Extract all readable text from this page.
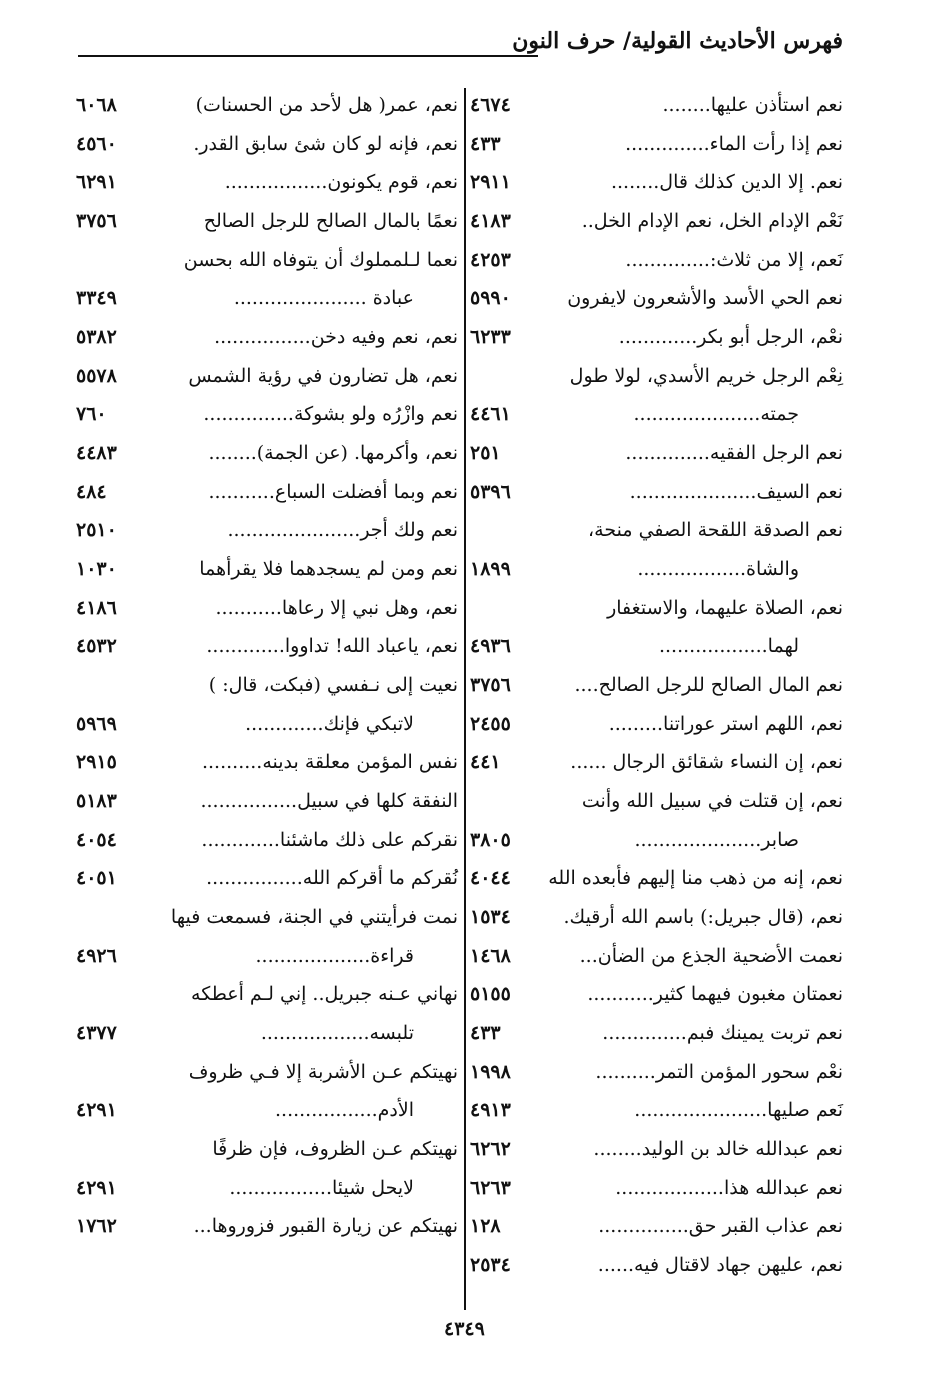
فهرس الأحاديث القولية/ حرف النون
نعم استأذن عليها........
٤٦٧٤
نعم إذا رأت الماء..............
٤٣٣
نعم. إلا الدين كذلك قال........
٢٩١١
نَعْم الإدام الخل، نعم الإدام الخل..
٤١٨٣
نَعم، إلا من ثلاث:..............
٤٢٥٣
نعم الحي الأسد والأشعرون لايفرون
٥٩٩٠
نعْم، الرجل أبو بكر.............
٦٢٣٣
نِعْم الرجل خريم الأسدي، لولا طول
جمته.....................
٤٤٦١
نعم الرجل الفقيه..............
٢٥١
نعم السيف.....................
٥٣٩٦
نعم الصدقة اللقحة الصفي منحة،
والشاة..................
١٨٩٩
نعم، الصلاة عليهما، والاستغفار
لهما..................
٤٩٣٦
نعم المال الصالح للرجل الصالح....
٣٧٥٦
نعم، اللهم استر عوراتنا.........
٢٤٥٥
نعم، إن النساء شقائق الرجال ......
٤٤١
نعم، إن قتلت في سبيل الله وأنت
صابر.....................
٣٨٠٥
نعم، إنه من ذهب منا إليهم فأبعده الله
٤٠٤٤
نعم، (قال جبريل:) باسم الله أرقيك.
١٥٣٤
نعمت الأضحية الجذع من الضأن...
١٤٦٨
نعمتان مغبون فيهما كثير...........
٥١٥٥
نعم تربت يمينك فبم..............
٤٣٣
نعْم سحور المؤمن التمر..........
١٩٩٨
نَعم صليها......................
٤٩١٣
نعم عبدالله خالد بن الوليد........
٦٢٦٢
نعم عبدالله هذا..................
٦٢٦٣
نعم عذاب القبر حق...............
١٢٨
نعم، عليهن جهاد لاقتال فيه......
٢٥٣٤
نعم، عمر( هل لأحد من الحسنات)
٦٠٦٨
نعم، فإنه لو كان شئ سابق القدر.
٤٥٦٠
نعم، قوم يكونون.................
٦٢٩١
نعمًا بالمال الصالح للرجل الصالح
٣٧٥٦
نعما لـلمملوك أن يتوفاه الله بحسن
عبادة ......................
٣٣٤٩
نعم، نعم وفيه دخن................
٥٣٨٢
نعم، هل تضارون في رؤية الشمس
٥٥٧٨
نعم وازْرُه ولو بشوكة...............
٧٦٠
نعم، وأكرمها. (عن الجمة)........
٤٤٨٣
نعم وبما أفضلت السباع...........
٤٨٤
نعم ولك أجر......................
٢٥١٠
نعم ومن لم يسجدهما فلا يقرأهما
١٠٣٠
نعم، وهل نبي إلا رعاها...........
٤١٨٦
نعم، ياعباد الله! تداووا.............
٤٥٣٢
نعيت إلى نـفسي (فبكت، قال: )
لاتبكي فإنك.............
٥٩٦٩
نفس المؤمن معلقة بدينه..........
٢٩١٥
النفقة كلها في سبيل................
٥١٨٣
نقركم على ذلك ماشئنا.............
٤٠٥٤
نُقركم ما أقركم الله................
٤٠٥١
نمت فرأيتني في الجنة، فسمعت فيها
قراءة...................
٤٩٢٦
نهاني عـنه جبريل.. إني لـم أعطكه
تلبسه..................
٤٣٧٧
نهيتكم عـن الأشربة إلا فـي ظروف
الأدم.................
٤٢٩١
نهيتكم عـن الظروف، فإن ظرفًا
لايحل شيئا.................
٤٢٩١
نهيتكم عن زيارة القبور فزوروها...
١٧٦٢
٤٣٤٩
